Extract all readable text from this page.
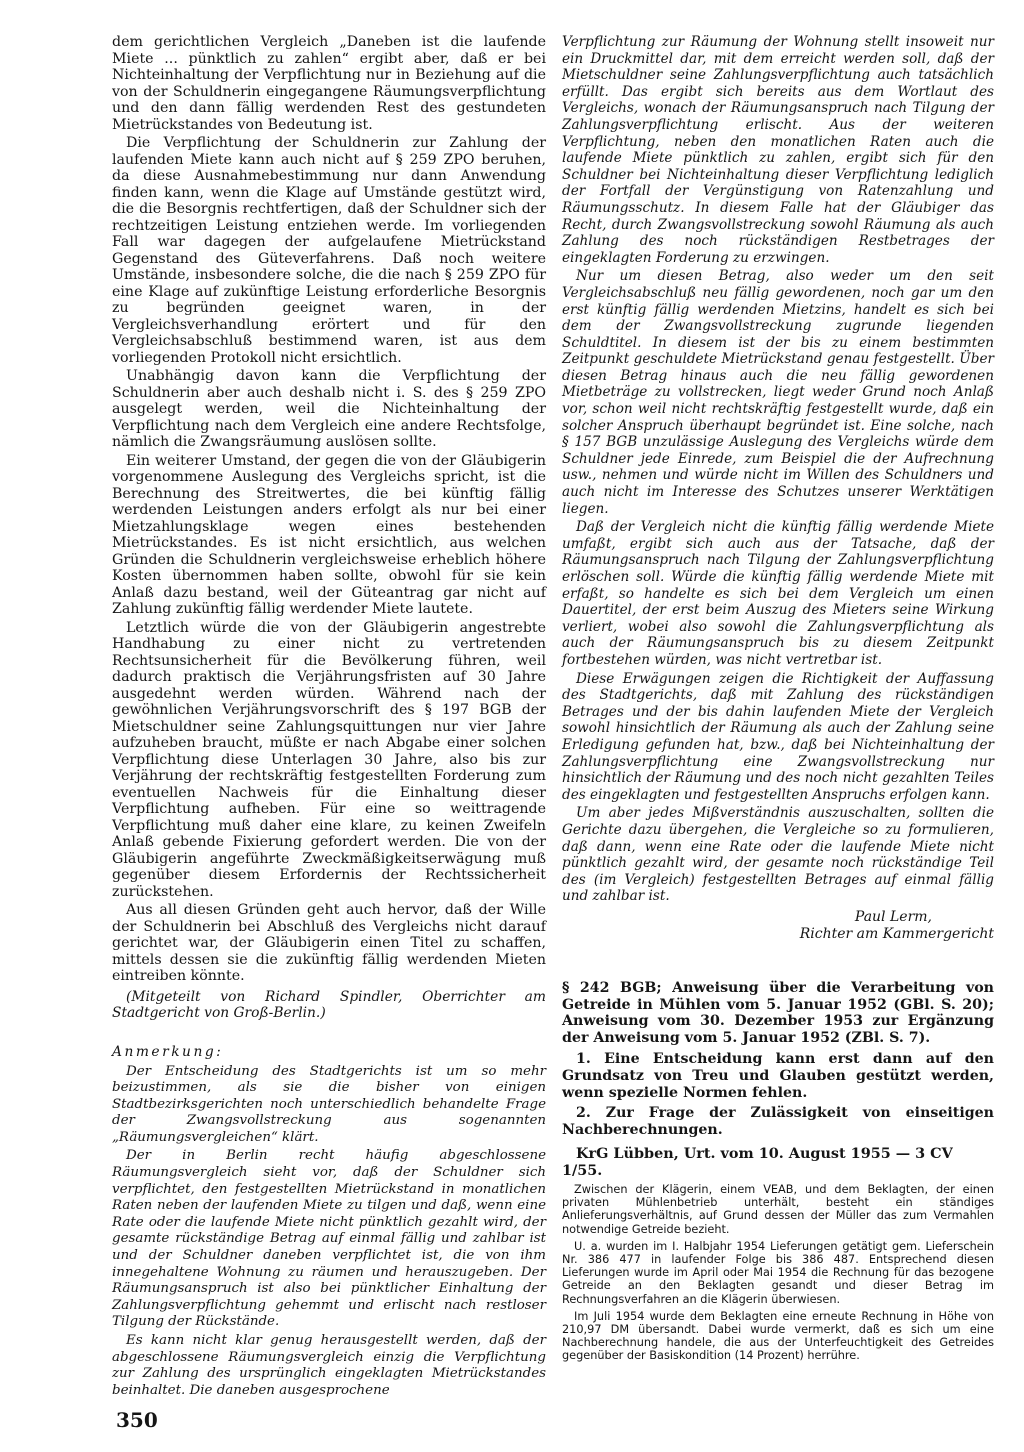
dem gerichtlichen Vergleich „Daneben ist die laufende Miete ... pünktlich zu zahlen“ ergibt aber, daß er bei Nichteinhaltung der Verpflichtung nur in Beziehung auf die von der Schuldnerin eingegangene Räumungsverpflichtung und den dann fällig werdenden Rest des gestundeten Mietrückstandes von Bedeutung ist.

Die Verpflichtung der Schuldnerin zur Zahlung der laufenden Miete kann auch nicht auf § 259 ZPO beruhen, da diese Ausnahmebestimmung nur dann Anwendung finden kann, wenn die Klage auf Umstände gestützt wird, die die Besorgnis rechtfertigen, daß der Schuldner sich der rechtzeitigen Leistung entziehen werde. Im vorliegenden Fall war dagegen der aufgelaufene Mietrückstand Gegenstand des Güteverfahrens. Daß noch weitere Umstände, insbesondere solche, die die nach § 259 ZPO für eine Klage auf zukünftige Leistung erforderliche Besorgnis zu begründen geeignet waren, in der Vergleichsverhandlung erörtert und für den Vergleichsabschluß bestimmend waren, ist aus dem vorliegenden Protokoll nicht ersichtlich.

Unabhängig davon kann die Verpflichtung der Schuldnerin aber auch deshalb nicht i. S. des § 259 ZPO ausgelegt werden, weil die Nichteinhaltung der Verpflichtung nach dem Vergleich eine andere Rechtsfolge, nämlich die Zwangsräumung auslösen sollte.

Ein weiterer Umstand, der gegen die von der Gläubigerin vorgenommene Auslegung des Vergleichs spricht, ist die Berechnung des Streitwertes, die bei künftig fällig werdenden Leistungen anders erfolgt als nur bei einer Mietzahlungsklage wegen eines bestehenden Mietrückstandes. Es ist nicht ersichtlich, aus welchen Gründen die Schuldnerin vergleichsweise erheblich höhere Kosten übernommen haben sollte, obwohl für sie kein Anlaß dazu bestand, weil der Güteantrag gar nicht auf Zahlung zukünftig fällig werdender Miete lautete.

Letztlich würde die von der Gläubigerin angestrebte Handhabung zu einer nicht zu vertretenden Rechtsunsicherheit für die Bevölkerung führen, weil dadurch praktisch die Verjährungsfristen auf 30 Jahre ausgedehnt werden würden. Während nach der gewöhnlichen Verjährungsvorschrift des § 197 BGB der Mietschuldner seine Zahlungsquittungen nur vier Jahre aufzuheben braucht, müßte er nach Abgabe einer solchen Verpflichtung diese Unterlagen 30 Jahre, also bis zur Verjährung der rechtskräftig festgestellten Forderung zum eventuellen Nachweis für die Einhaltung dieser Verpflichtung aufheben. Für eine so weittragende Verpflichtung muß daher eine klare, zu keinen Zweifeln Anlaß gebende Fixierung gefordert werden. Die von der Gläubigerin angeführte Zweckmäßigkeitserwägung muß gegenüber diesem Erfordernis der Rechtssicherheit zurückstehen.

Aus all diesen Gründen geht auch hervor, daß der Wille der Schuldnerin bei Abschluß des Vergleichs nicht darauf gerichtet war, der Gläubigerin einen Titel zu schaffen, mittels dessen sie die zukünftig fällig werdenden Mieten eintreiben könnte.

(Mitgeteilt von Richard Spindler, Oberrichter am Stadtgericht von Groß-Berlin.)

Anmerkung:

Der Entscheidung des Stadtgerichts ist um so mehr beizustimmen, als sie die bisher von einigen Stadtbezirksgerichten noch unterschiedlich behandelte Frage der Zwangsvollstreckung aus sogenannten „Räumungsvergleichen“ klärt.

Der in Berlin recht häufig abgeschlossene Räumungsvergleich sieht vor, daß der Schuldner sich verpflichtet, den festgestellten Mietrückstand in monatlichen Raten neben der laufenden Miete zu tilgen und daß, wenn eine Rate oder die laufende Miete nicht pünktlich gezahlt wird, der gesamte rückständige Betrag auf einmal fällig und zahlbar ist und der Schuldner daneben verpflichtet ist, die von ihm innegehaltene Wohnung zu räumen und herauszugeben. Der Räumungsanspruch ist also bei pünktlicher Einhaltung der Zahlungsverpflichtung gehemmt und erlischt nach restloser Tilgung der Rückstände.

Es kann nicht klar genug herausgestellt werden, daß der abgeschlossene Räumungsvergleich einzig die Verpflichtung zur Zahlung des ursprünglich eingeklagten Mietrückstandes beinhaltet. Die daneben ausgesprochene

Verpflichtung zur Räumung der Wohnung stellt insoweit nur ein Druckmittel dar, mit dem erreicht werden soll, daß der Mietschuldner seine Zahlungsverpflichtung auch tatsächlich erfüllt. Das ergibt sich bereits aus dem Wortlaut des Vergleichs, wonach der Räumungsanspruch nach Tilgung der Zahlungsverpflichtung erlischt. Aus der weiteren Verpflichtung, neben den monatlichen Raten auch die laufende Miete pünktlich zu zahlen, ergibt sich für den Schuldner bei Nichteinhaltung dieser Verpflichtung lediglich der Fortfall der Vergünstigung von Ratenzahlung und Räumungsschutz. In diesem Falle hat der Gläubiger das Recht, durch Zwangsvollstreckung sowohl Räumung als auch Zahlung des noch rückständigen Restbetrages der eingeklagten Forderung zu erzwingen.

Nur um diesen Betrag, also weder um den seit Vergleichsabschluß neu fällig gewordenen, noch gar um den erst künftig fällig werdenden Mietzins, handelt es sich bei dem der Zwangsvollstreckung zugrunde liegenden Schuldtitel. In diesem ist der bis zu einem bestimmten Zeitpunkt geschuldete Mietrückstand genau festgestellt. Über diesen Betrag hinaus auch die neu fällig gewordenen Mietbeträge zu vollstrecken, liegt weder Grund noch Anlaß vor, schon weil nicht rechtskräftig festgestellt wurde, daß ein solcher Anspruch überhaupt begründet ist. Eine solche, nach § 157 BGB unzulässige Auslegung des Vergleichs würde dem Schuldner jede Einrede, zum Beispiel die der Aufrechnung usw., nehmen und würde nicht im Willen des Schuldners und auch nicht im Interesse des Schutzes unserer Werktätigen liegen.

Daß der Vergleich nicht die künftig fällig werdende Miete umfaßt, ergibt sich auch aus der Tatsache, daß der Räumungsanspruch nach Tilgung der Zahlungsverpflichtung erlöschen soll. Würde die künftig fällig werdende Miete mit erfaßt, so handelte es sich bei dem Vergleich um einen Dauertitel, der erst beim Auszug des Mieters seine Wirkung verliert, wobei also sowohl die Zahlungsverpflichtung als auch der Räumungsanspruch bis zu diesem Zeitpunkt fortbestehen würden, was nicht vertretbar ist.

Diese Erwägungen zeigen die Richtigkeit der Auffassung des Stadtgerichts, daß mit Zahlung des rückständigen Betrages und der bis dahin laufenden Miete der Vergleich sowohl hinsichtlich der Räumung als auch der Zahlung seine Erledigung gefunden hat, bzw., daß bei Nichteinhaltung der Zahlungsverpflichtung eine Zwangsvollstreckung nur hinsichtlich der Räumung und des noch nicht gezahlten Teiles des eingeklagten und festgestellten Anspruchs erfolgen kann.

Um aber jedes Mißverständnis auszuschalten, sollten die Gerichte dazu übergehen, die Vergleiche so zu formulieren, daß dann, wenn eine Rate oder die laufende Miete nicht pünktlich gezahlt wird, der gesamte noch rückständige Teil des (im Vergleich) festgestellten Betrages auf einmal fällig und zahlbar ist.

Paul Lerm,

Richter am Kammergericht

§ 242 BGB; Anweisung über die Verarbeitung von Getreide in Mühlen vom 5. Januar 1952 (GBl. S. 20); Anweisung vom 30. Dezember 1953 zur Ergänzung der Anweisung vom 5. Januar 1952 (ZBl. S. 7).

1. Eine Entscheidung kann erst dann auf den Grundsatz von Treu und Glauben gestützt werden, wenn spezielle Normen fehlen.

2. Zur Frage der Zulässigkeit von einseitigen Nachberechnungen.

KrG Lübben, Urt. vom 10. August 1955 — 3 CV 1/55.

Zwischen der Klägerin, einem VEAB, und dem Beklagten, der einen privaten Mühlenbetrieb unterhält, besteht ein ständiges Anlieferungsverhältnis, auf Grund dessen der Müller das zum Vermahlen notwendige Getreide bezieht.

U. a. wurden im I. Halbjahr 1954 Lieferungen getätigt gem. Lieferschein Nr. 386 477 in laufender Folge bis 386 487. Entsprechend diesen Lieferungen wurde im April oder Mai 1954 die Rechnung für das bezogene Getreide an den Beklagten gesandt und dieser Betrag im Rechnungsverfahren an die Klägerin überwiesen.

Im Juli 1954 wurde dem Beklagten eine erneute Rechnung in Höhe von 210,97 DM übersandt. Dabei wurde vermerkt, daß es sich um eine Nachberechnung handele, die aus der Unterfeuchtigkeit des Getreides gegenüber der Basiskondition (14 Prozent) herrühre.

350
